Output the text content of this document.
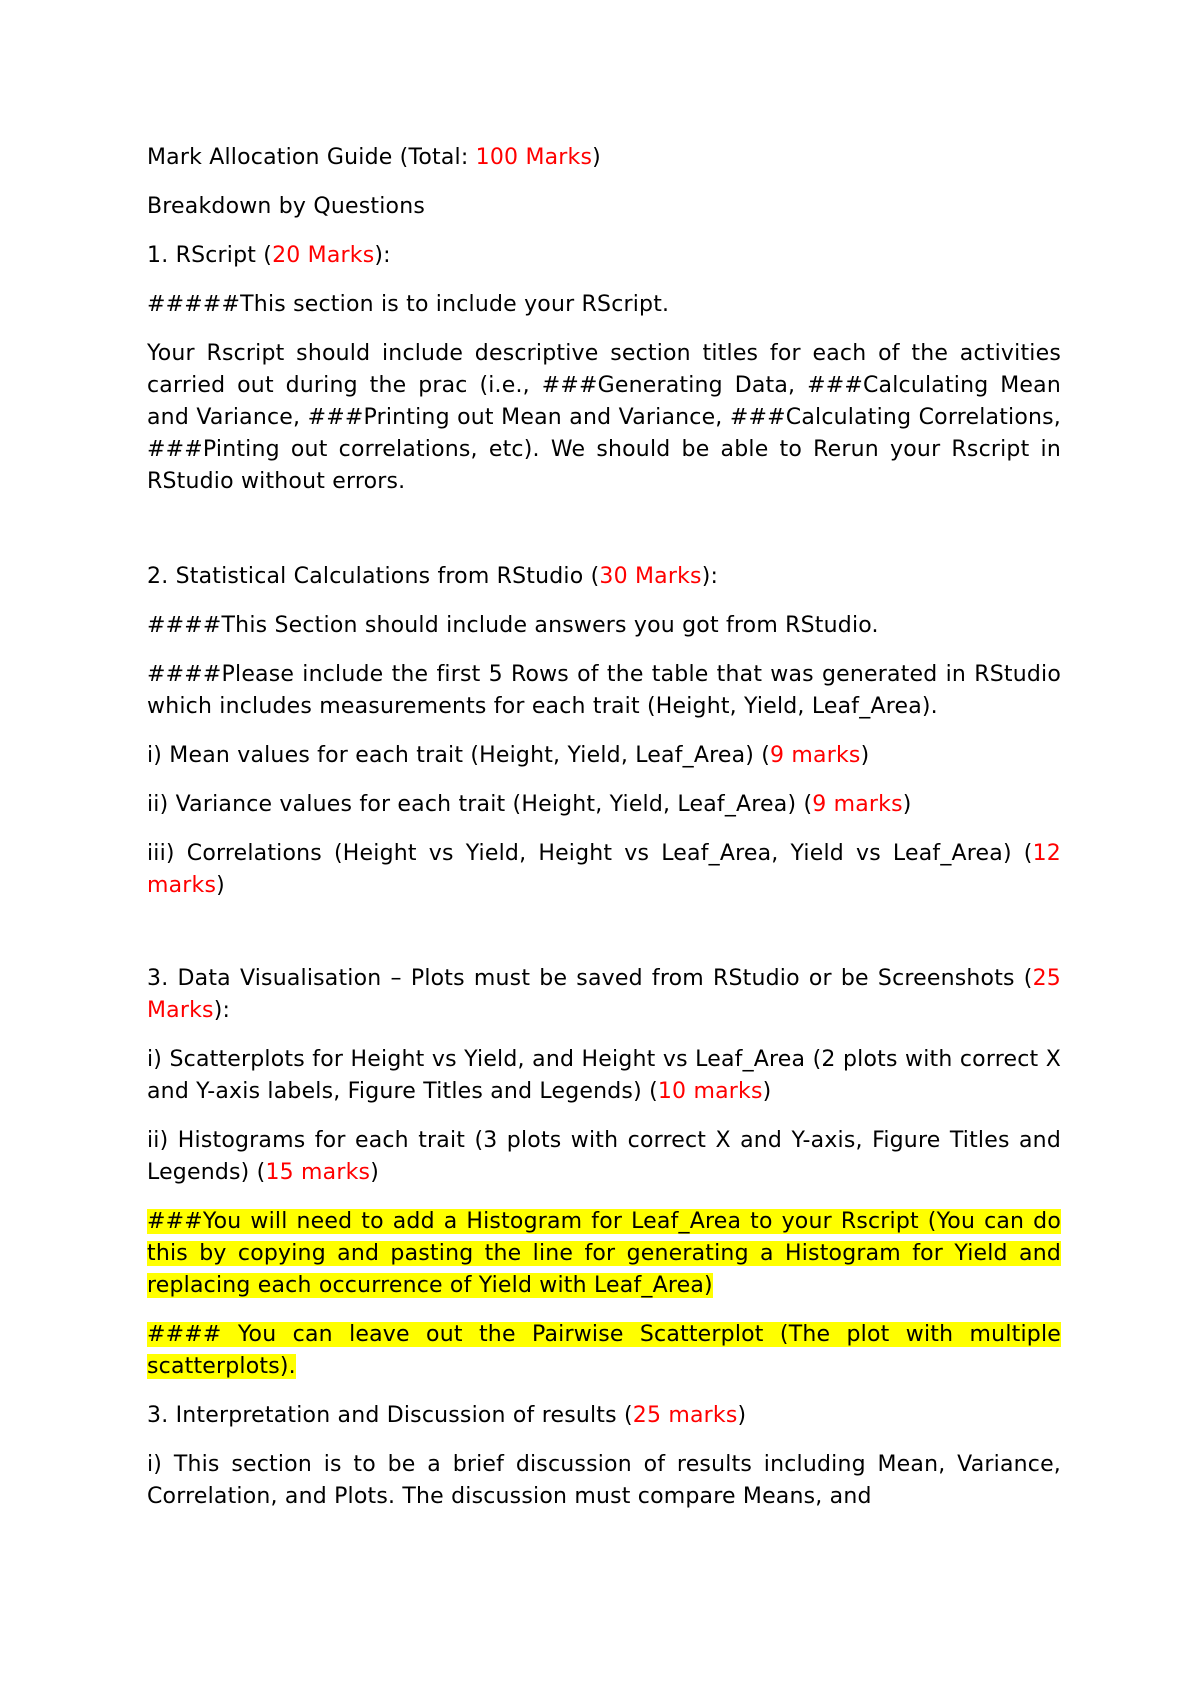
Mark Allocation Guide (Total: 100 Marks)

Breakdown by Questions

1. RScript (20 Marks):

#####This section is to include your RScript.

Your Rscript should include descriptive section titles for each of the activities carried out during the prac (i.e., ###Generating Data, ###Calculating Mean and Variance, ###Printing out Mean and Variance, ###Calculating Correlations, ###Pinting out correlations, etc). We should be able to Rerun your Rscript in RStudio without errors.

2. Statistical Calculations from RStudio (30 Marks):

####This Section should include answers you got from RStudio.

####Please include the first 5 Rows of the table that was generated in RStudio which includes measurements for each trait (Height, Yield, Leaf_Area).

i) Mean values for each trait (Height, Yield, Leaf_Area) (9 marks)

ii) Variance values for each trait (Height, Yield, Leaf_Area) (9 marks)

iii) Correlations (Height vs Yield, Height vs Leaf_Area, Yield vs Leaf_Area) (12 marks)

3. Data Visualisation – Plots must be saved from RStudio or be Screenshots (25 Marks):

i) Scatterplots for Height vs Yield, and Height vs Leaf_Area (2 plots with correct X and Y-axis labels, Figure Titles and Legends) (10 marks)

ii) Histograms for each trait (3 plots with correct X and Y-axis, Figure Titles and Legends) (15 marks)

###You will need to add a Histogram for Leaf_Area to your Rscript (You can do this by copying and pasting the line for generating a Histogram for Yield and replacing each occurrence of Yield with Leaf_Area)

#### You can leave out the Pairwise Scatterplot (The plot with multiple scatterplots).

3. Interpretation and Discussion of results (25 marks)

i) This section is to be a brief discussion of results including Mean, Variance, Correlation, and Plots. The discussion must compare Means, and
